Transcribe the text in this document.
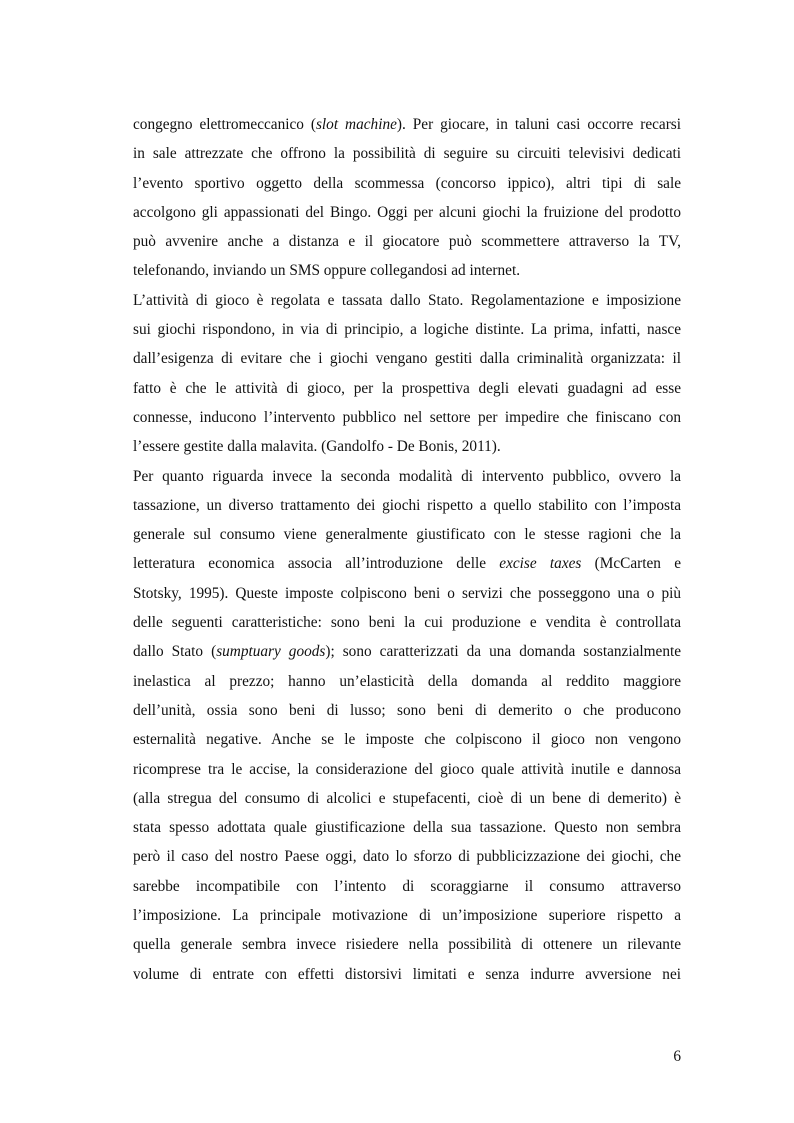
congegno elettromeccanico (slot machine). Per giocare, in taluni casi occorre recarsi
in sale attrezzate che offrono la possibilità di seguire su circuiti televisivi dedicati
l’evento sportivo oggetto della scommessa (concorso ippico), altri tipi di sale
accolgono gli appassionati del Bingo. Oggi per alcuni giochi la fruizione del prodotto
può avvenire anche a distanza e il giocatore può scommettere attraverso la TV,
telefonando, inviando un SMS oppure collegandosi ad internet.
L’attività di gioco è regolata e tassata dallo Stato. Regolamentazione e imposizione
sui giochi rispondono, in via di principio, a logiche distinte. La prima, infatti, nasce
dall’esigenza di evitare che i giochi vengano gestiti dalla criminalità organizzata: il
fatto è che le attività di gioco, per la prospettiva degli elevati guadagni ad esse
connesse, inducono l’intervento pubblico nel settore per impedire che finiscano con
l’essere gestite dalla malavita. (Gandolfo - De Bonis, 2011).
Per quanto riguarda invece la seconda modalità di intervento pubblico, ovvero la
tassazione, un diverso trattamento dei giochi rispetto a quello stabilito con l’imposta
generale sul consumo viene generalmente giustificato con le stesse ragioni che la
letteratura economica associa all’introduzione delle excise taxes (McCarten e
Stotsky, 1995). Queste imposte colpiscono beni o servizi che posseggono una o più
delle seguenti caratteristiche: sono beni la cui produzione e vendita è controllata
dallo Stato (sumptuary goods); sono caratterizzati da una domanda sostanzialmente
inelastica al prezzo; hanno un’elasticità della domanda al reddito maggiore
dell’unità, ossia sono beni di lusso; sono beni di demerito o che producono
esternalità negative. Anche se le imposte che colpiscono il gioco non vengono
ricomprese tra le accise, la considerazione del gioco quale attività inutile e dannosa
(alla stregua del consumo di alcolici e stupefacenti, cioè di un bene di demerito) è
stata spesso adottata quale giustificazione della sua tassazione. Questo non sembra
però il caso del nostro Paese oggi, dato lo sforzo di pubblicizzazione dei giochi, che
sarebbe incompatibile con l’intento di scoraggiarne il consumo attraverso
l’imposizione. La principale motivazione di un’imposizione superiore rispetto a
quella generale sembra invece risiedere nella possibilità di ottenere un rilevante
volume di entrate con effetti distorsivi limitati e senza indurre avversione nei
6
